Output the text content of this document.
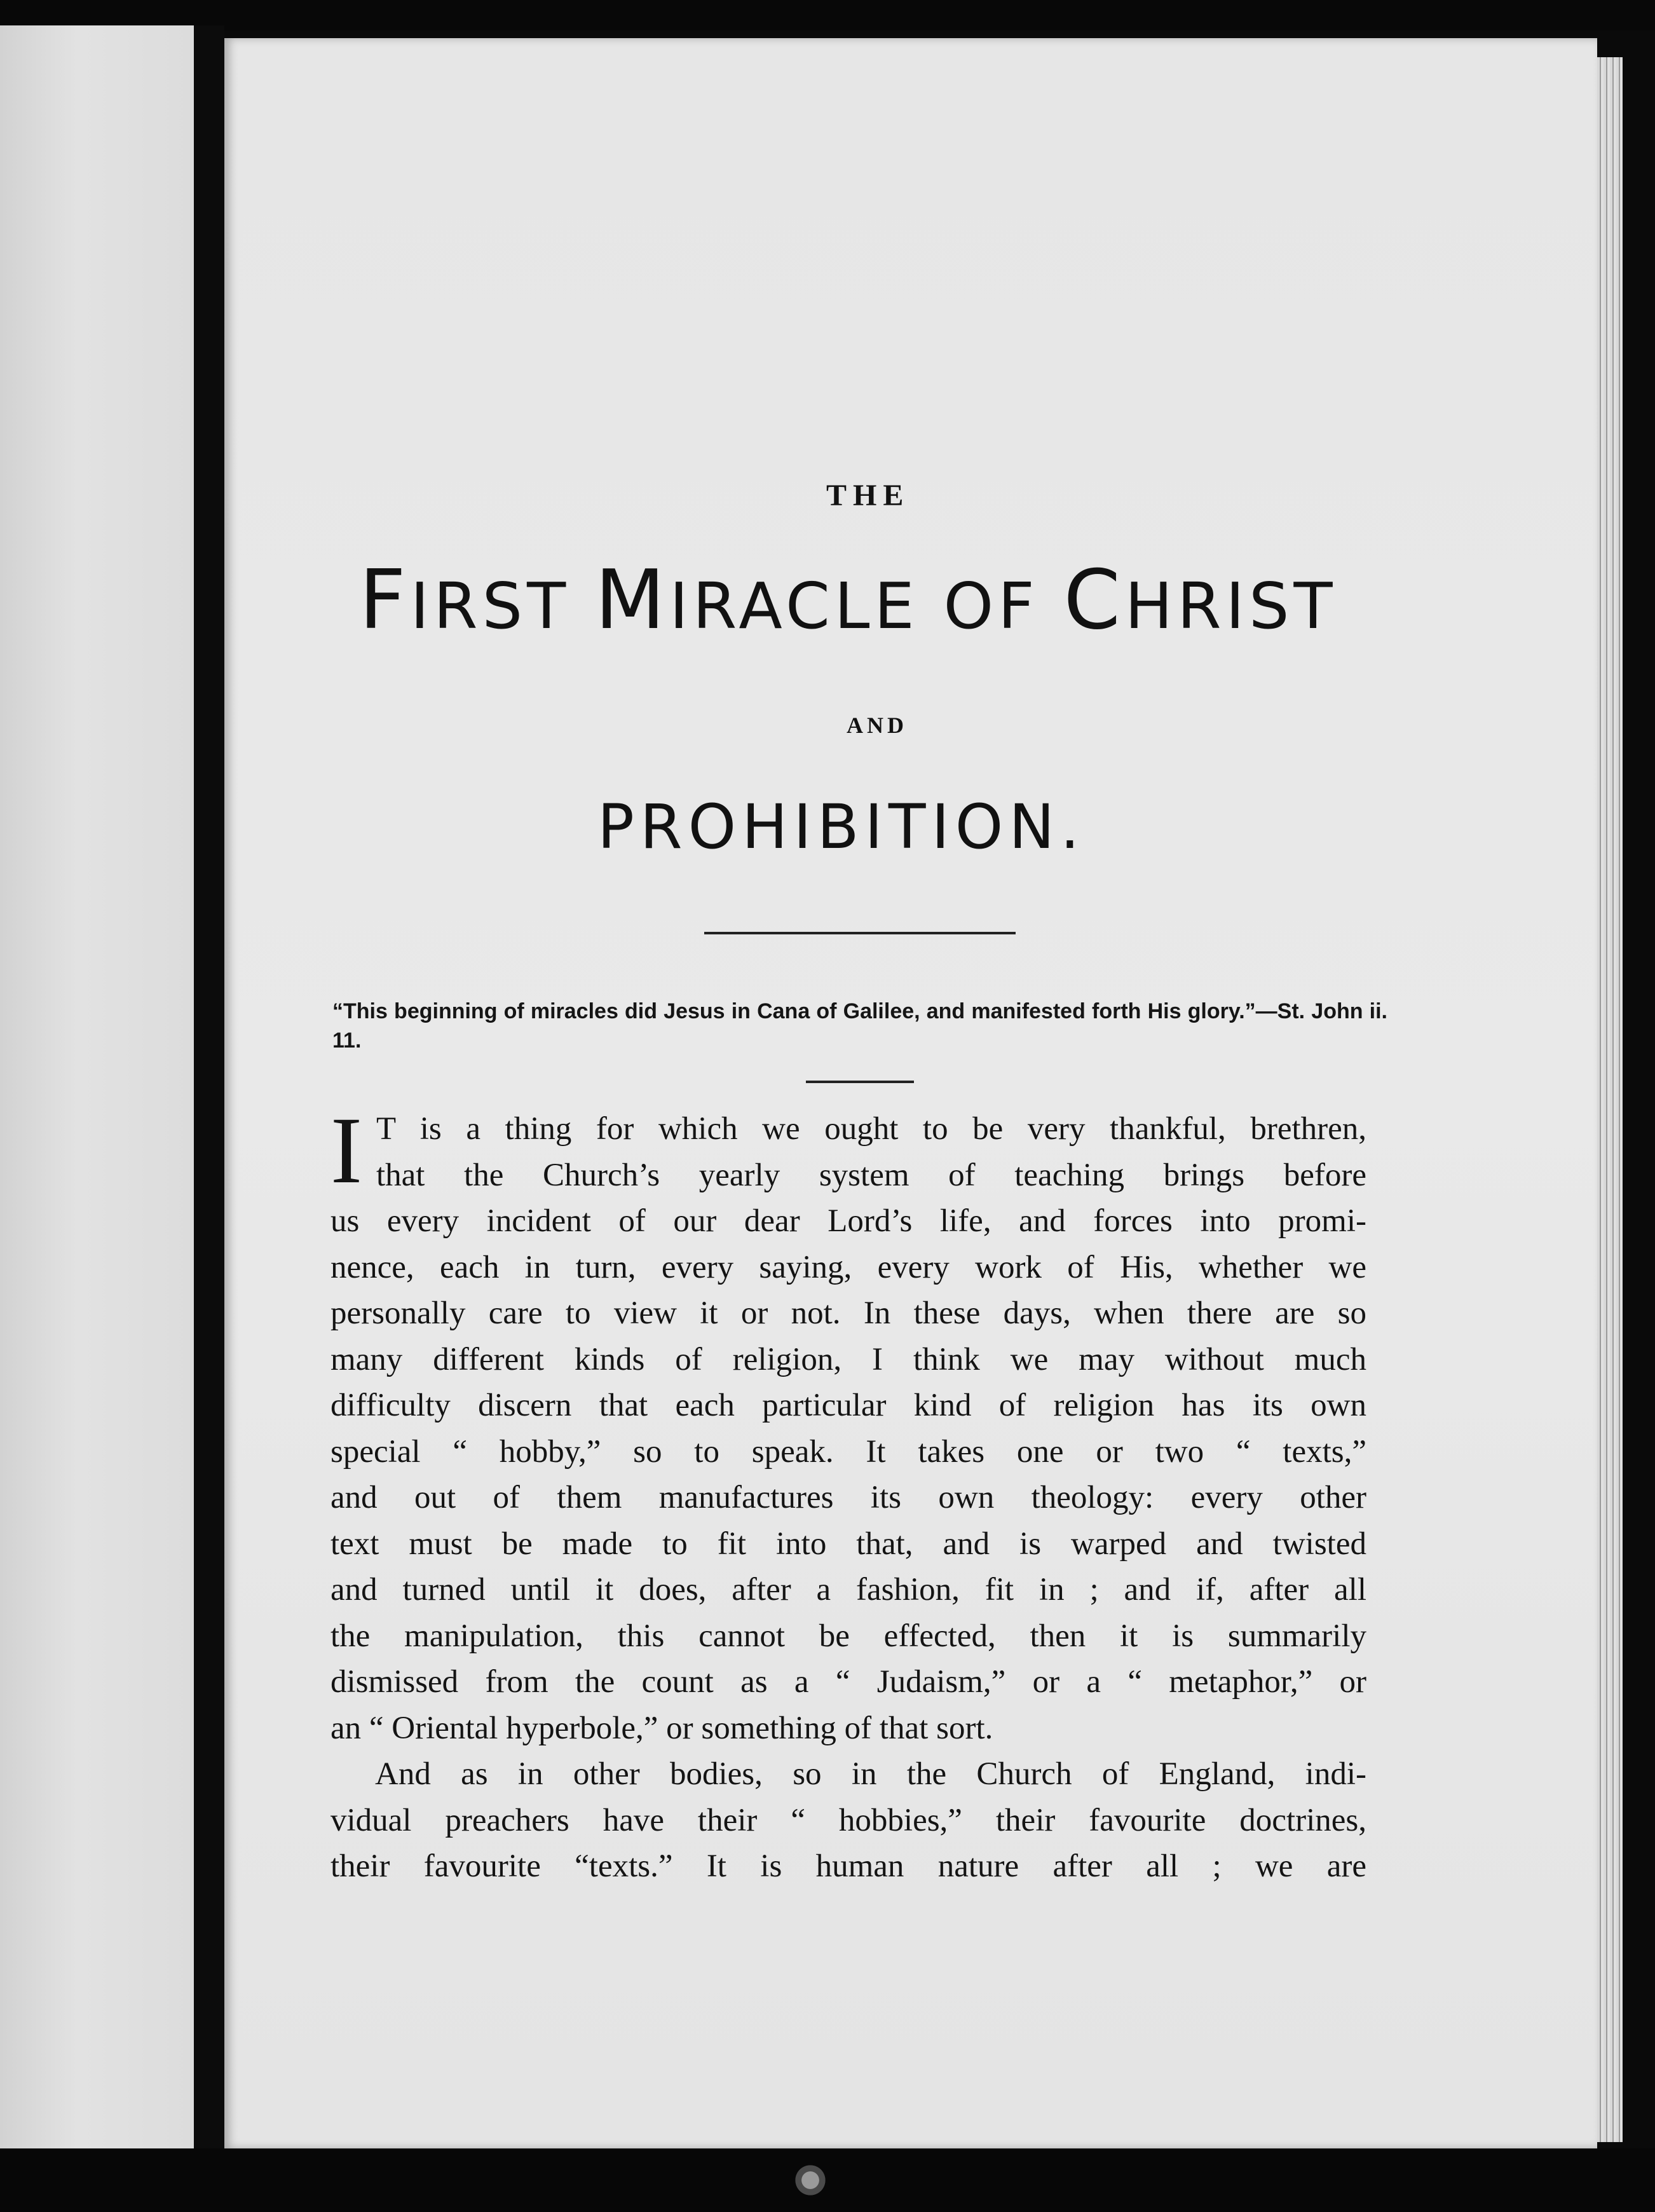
THE
FIRST MIRACLE OF CHRIST
AND
PROHIBITION.
“This beginning of miracles did Jesus in Cana of Galilee, and manifested forth His glory.”—St. John ii. 11.
I T is a thing for which we ought to be very thankful, brethren,
that the Church’s yearly system of teaching brings before
us every incident of our dear Lord’s life, and forces into promi-
nence, each in turn, every saying, every work of His, whether we
personally care to view it or not. In these days, when there are so
many different kinds of religion, I think we may without much
difficulty discern that each particular kind of religion has its own
special “ hobby,” so to speak. It takes one or two “ texts,”
and out of them manufactures its own theology: every other
text must be made to fit into that, and is warped and twisted
and turned until it does, after a fashion, fit in ; and if, after all
the manipulation, this cannot be effected, then it is summarily
dismissed from the count as a “ Judaism,” or a “ metaphor,” or
an “ Oriental hyperbole,” or something of that sort.
And as in other bodies, so in the Church of England, indi-
vidual preachers have their “ hobbies,” their favourite doctrines,
their favourite “texts.” It is human nature after all ; we are
